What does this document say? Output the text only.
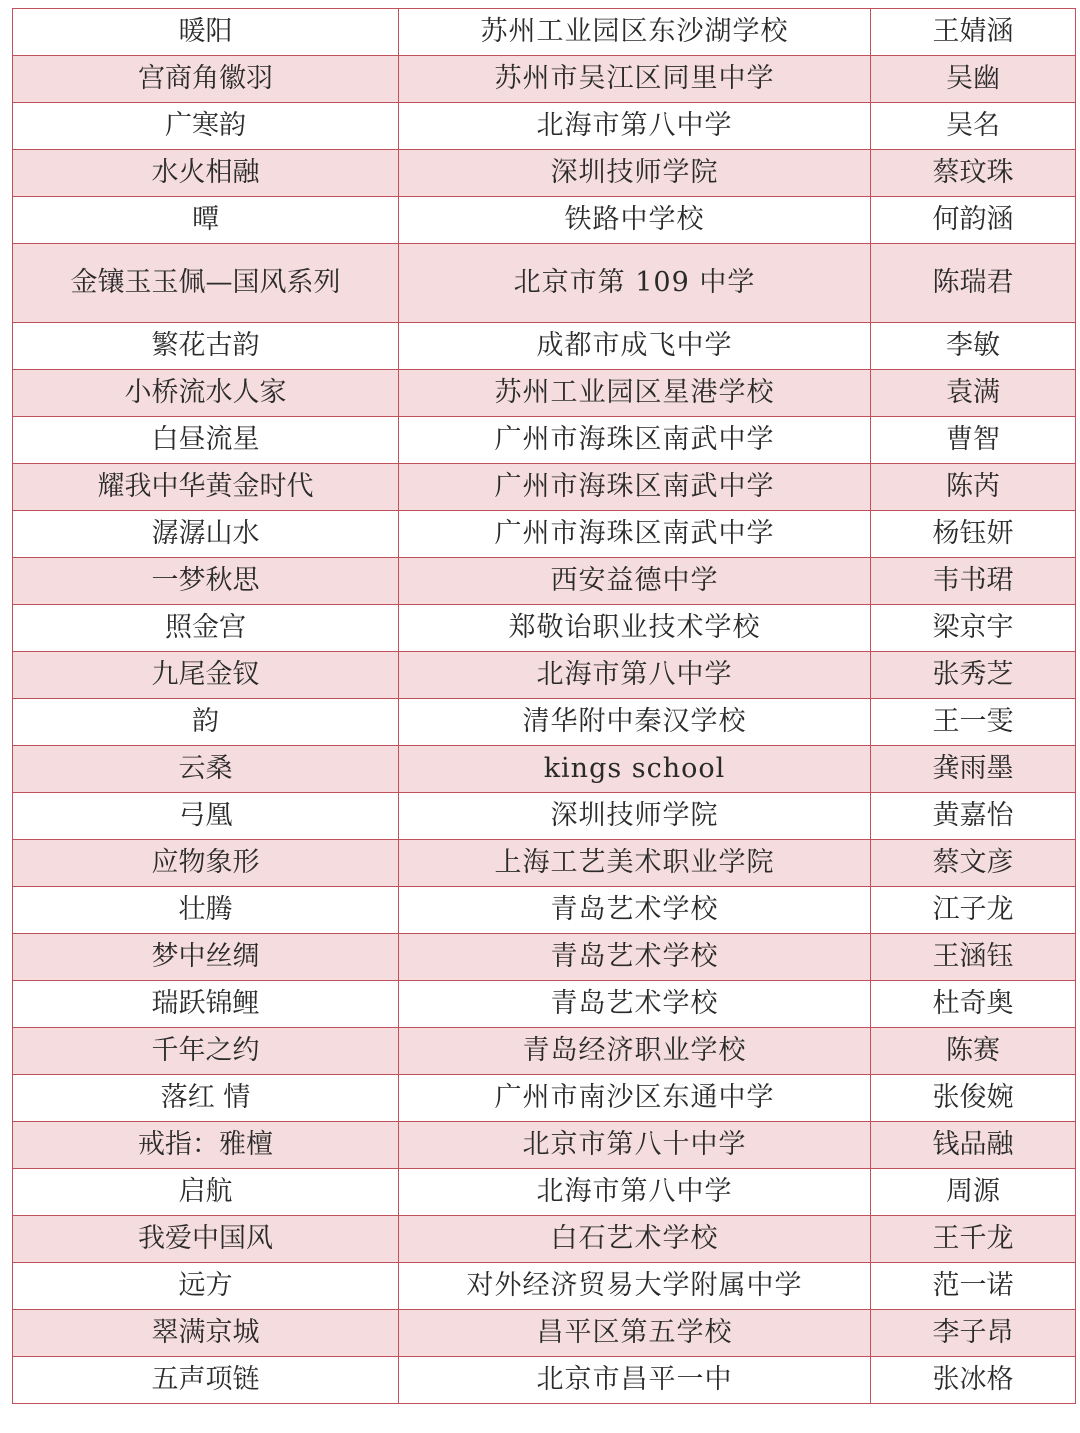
暖阳	苏州工业园区东沙湖学校	王婧涵
宫商角徽羽	苏州市吴江区同里中学	吴幽
广寒韵	北海市第八中学	吴名
水火相融	深圳技师学院	蔡玟珠
曋	铁路中学校	何韵涵
金镶玉玉佩—国风系列	北京市第 109 中学	陈瑞君
繁花古韵	成都市成飞中学	李敏
小桥流水人家	苏州工业园区星港学校	袁满
白昼流星	广州市海珠区南武中学	曹智
耀我中华黄金时代	广州市海珠区南武中学	陈芮
潺潺山水	广州市海珠区南武中学	杨钰妍
一梦秋思	西安益德中学	韦书珺
照金宫	郑敬诒职业技术学校	梁京宇
九尾金钗	北海市第八中学	张秀芝
韵	清华附中秦汉学校	王一雯
云桑	kings school	龚雨墨
弓凰	深圳技师学院	黄嘉怡
应物象形	上海工艺美术职业学院	蔡文彦
壮腾	青岛艺术学校	江子龙
梦中丝绸	青岛艺术学校	王涵钰
瑞跃锦鲤	青岛艺术学校	杜奇奥
千年之约	青岛经济职业学校	陈赛
落红 情	广州市南沙区东通中学	张俊婉
戒指：雅檀	北京市第八十中学	钱品融
启航	北海市第八中学	周源
我爱中国风	白石艺术学校	王千龙
远方	对外经济贸易大学附属中学	范一诺
翠满京城	昌平区第五学校	李子昂
五声项链	北京市昌平一中	张冰格
